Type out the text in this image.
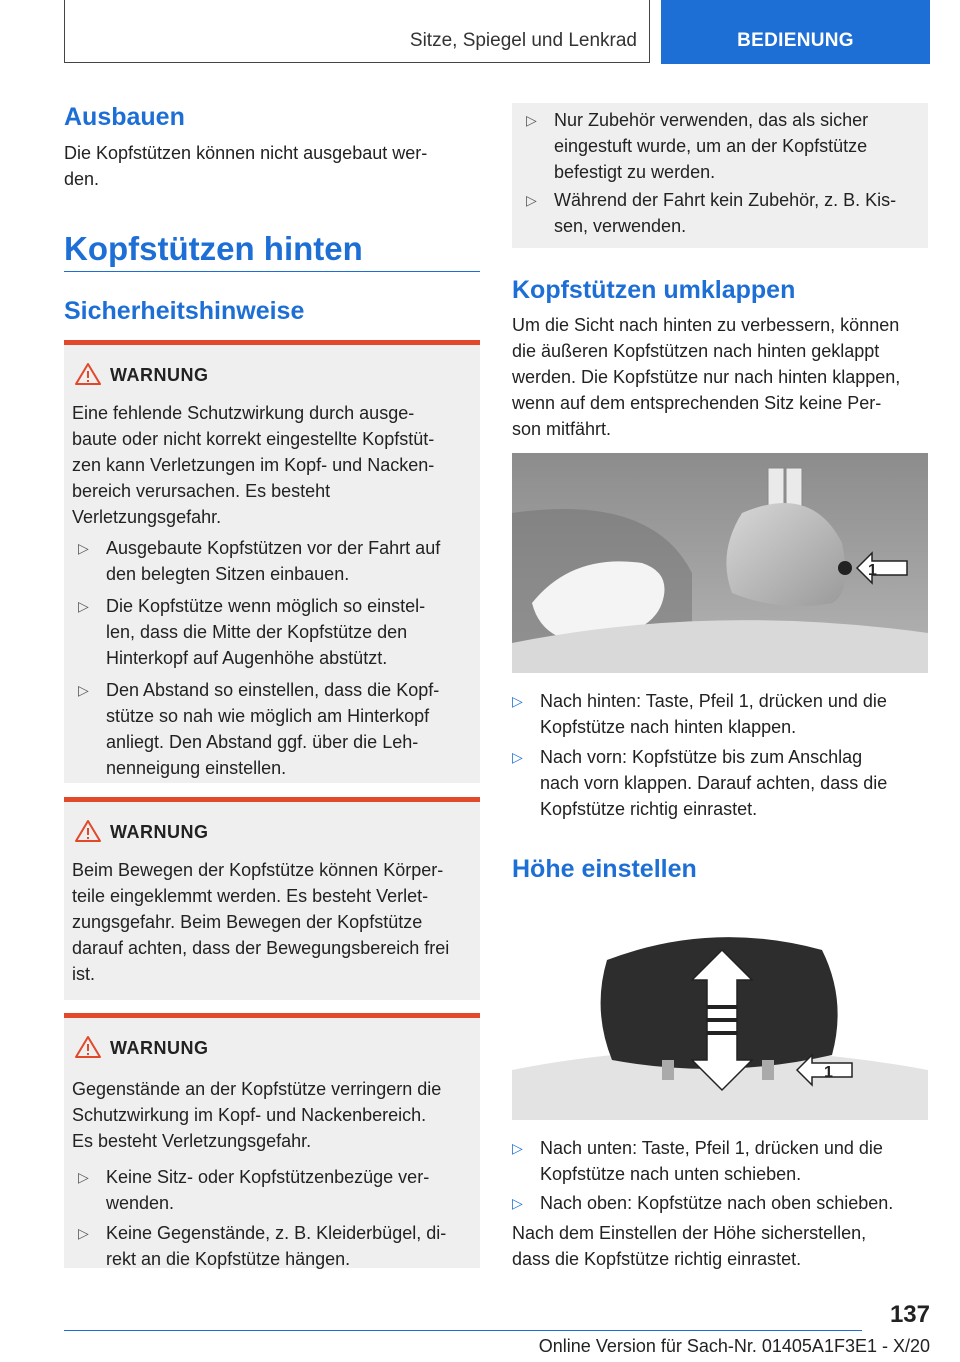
Sitze, Spiegel und Lenkrad	BEDIENUNG
Ausbauen

Die Kopfstützen können nicht ausgebaut wer-
den.

Kopfstützen hinten
Sicherheitshinweise
WARNUNG
Eine fehlende Schutzwirkung durch ausge-
baute oder nicht korrekt eingestellte Kopfstüt-
zen kann Verletzungen im Kopf- und Nacken-
bereich verursachen. Es besteht
Verletzungsgefahr.
▷ Ausgebaute Kopfstützen vor der Fahrt auf
den belegten Sitzen einbauen.
▷ Die Kopfstütze wenn möglich so einstel-
len, dass die Mitte der Kopfstütze den
Hinterkopf auf Augenhöhe abstützt.
▷ Den Abstand so einstellen, dass die Kopf-
stütze so nah wie möglich am Hinterkopf
anliegt. Den Abstand ggf. über die Leh-
nenneigung einstellen.
WARNUNG
Beim Bewegen der Kopfstütze können Körper-
teile eingeklemmt werden. Es besteht Verlet-
zungsgefahr. Beim Bewegen der Kopfstütze
darauf achten, dass der Bewegungsbereich frei
ist.
WARNUNG
Gegenstände an der Kopfstütze verringern die
Schutzwirkung im Kopf- und Nackenbereich.
Es besteht Verletzungsgefahr.
▷ Keine Sitz- oder Kopfstützenbezüge ver-
wenden.
▷ Keine Gegenstände, z. B. Kleiderbügel, di-
rekt an die Kopfstütze hängen.
▷ Nur Zubehör verwenden, das als sicher
eingestuft wurde, um an der Kopfstütze
befestigt zu werden.
▷ Während der Fahrt kein Zubehör, z. B. Kis-
sen, verwenden.
Kopfstützen umklappen

Um die Sicht nach hinten zu verbessern, können
die äußeren Kopfstützen nach hinten geklappt
werden. Die Kopfstütze nur nach hinten klappen,
wenn auf dem entsprechenden Sitz keine Per-
son mitfährt.

1
▷ Nach hinten: Taste, Pfeil 1, drücken und die
Kopfstütze nach hinten klappen.
▷ Nach vorn: Kopfstütze bis zum Anschlag
nach vorn klappen. Darauf achten, dass die
Kopfstütze richtig einrastet.
Höhe einstellen
1
▷ Nach unten: Taste, Pfeil 1, drücken und die
Kopfstütze nach unten schieben.
▷ Nach oben: Kopfstütze nach oben schieben.

Nach dem Einstellen der Höhe sicherstellen,
dass die Kopfstütze richtig einrastet.

137
Online Version für Sach-Nr. 01405A1F3E1 - X/20
